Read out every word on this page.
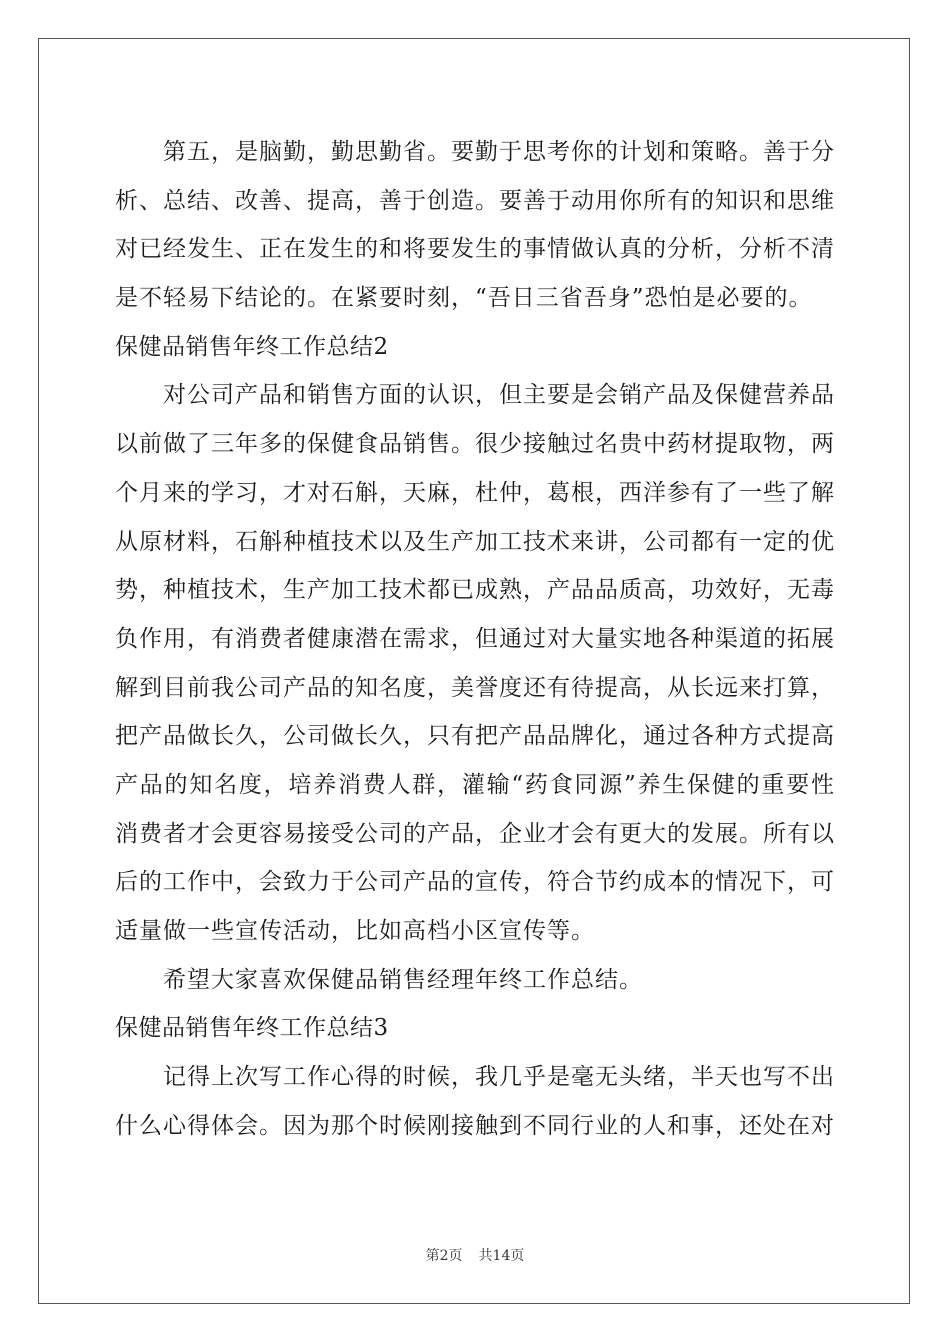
第五，是脑勤，勤思勤省。要勤于思考你的计划和策略。善于分
析、总结、改善、提高，善于创造。要善于动用你所有的知识和思维
对已经发生、正在发生的和将要发生的事情做认真的分析，分析不清
是不轻易下结论的。在紧要时刻，“吾日三省吾身”恐怕是必要的。
保健品销售年终工作总结2
对公司产品和销售方面的认识，但主要是会销产品及保健营养品
以前做了三年多的保健食品销售。很少接触过名贵中药材提取物，两
个月来的学习，才对石斛，天麻，杜仲，葛根，西洋参有了一些了解
从原材料，石斛种植技术以及生产加工技术来讲，公司都有一定的优
势，种植技术，生产加工技术都已成熟，产品品质高，功效好，无毒
负作用，有消费者健康潜在需求，但通过对大量实地各种渠道的拓展
解到目前我公司产品的知名度，美誉度还有待提高，从长远来打算，
把产品做长久，公司做长久，只有把产品品牌化，通过各种方式提高
产品的知名度，培养消费人群，灌输“药食同源”养生保健的重要性
消费者才会更容易接受公司的产品，企业才会有更大的发展。所有以
后的工作中，会致力于公司产品的宣传，符合节约成本的情况下，可
适量做一些宣传活动，比如高档小区宣传等。
希望大家喜欢保健品销售经理年终工作总结。
保健品销售年终工作总结3
记得上次写工作心得的时候，我几乎是毫无头绪，半天也写不出
什么心得体会。因为那个时候刚接触到不同行业的人和事，还处在对
第2页 共14页
